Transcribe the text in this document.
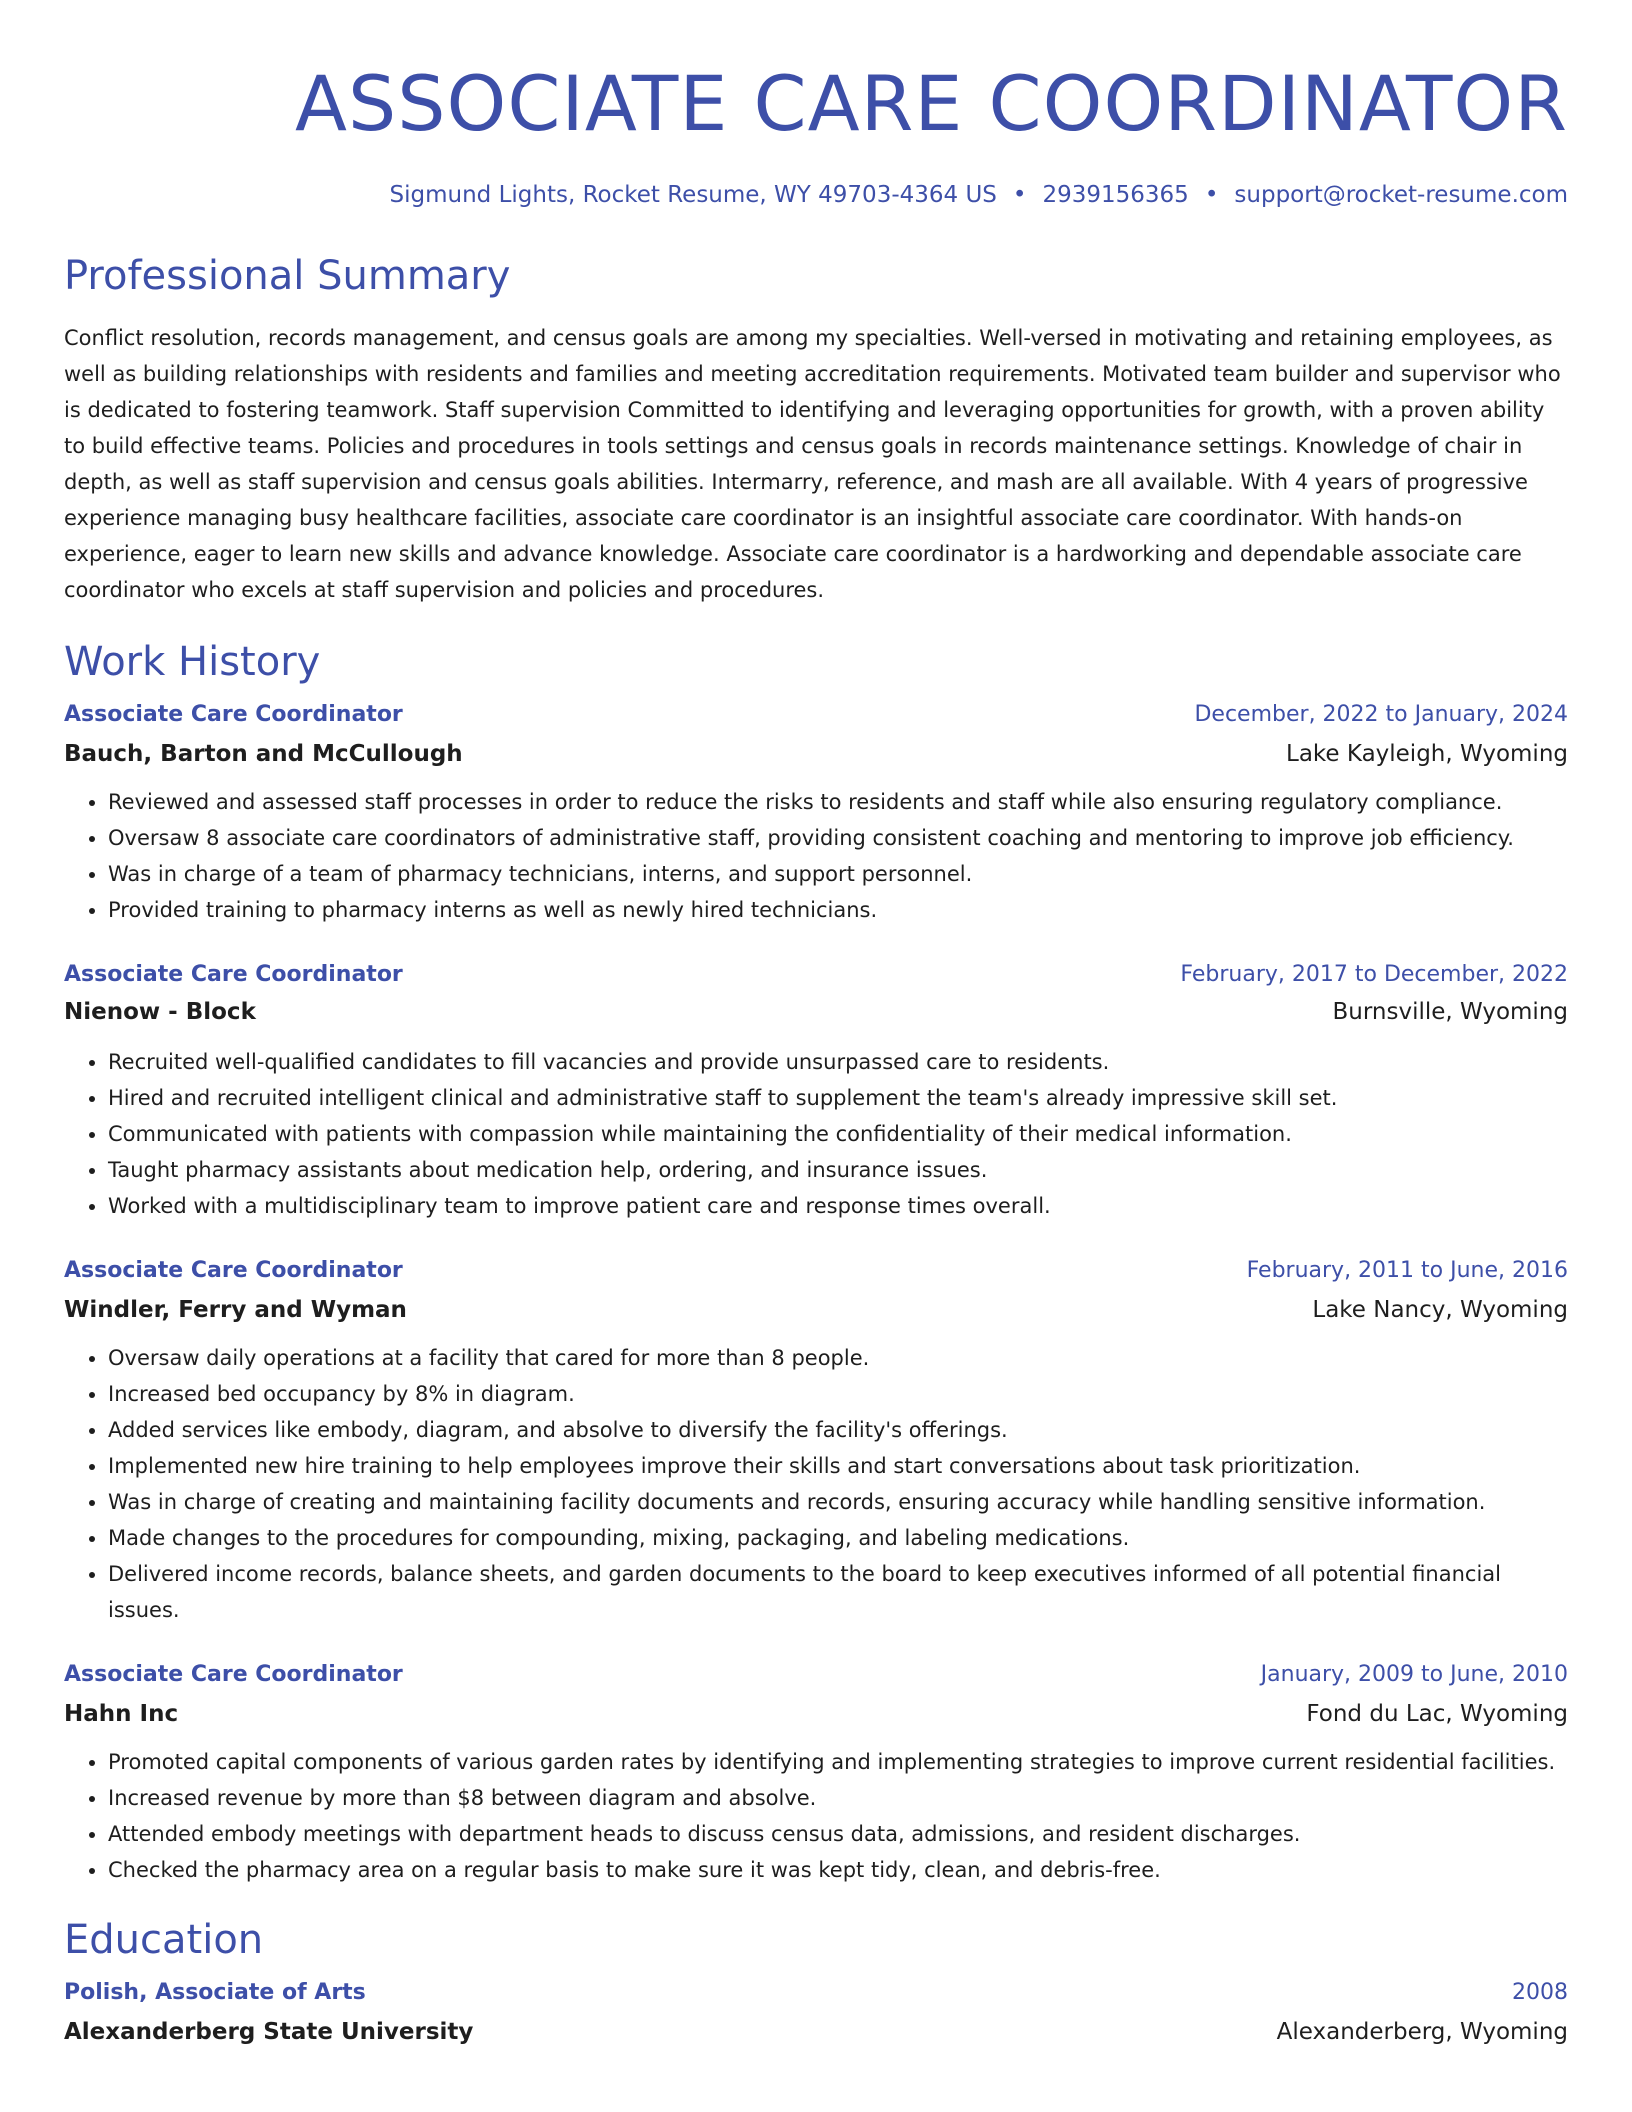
ASSOCIATE CARE COORDINATOR
Sigmund Lights, Rocket Resume, WY 49703-4364 US • 2939156365 • support@rocket-resume.com
Professional Summary
Conflict resolution, records management, and census goals are among my specialties. Well-versed in motivating and retaining employees, as well as building relationships with residents and families and meeting accreditation requirements. Motivated team builder and supervisor who is dedicated to fostering teamwork. Staff supervision Committed to identifying and leveraging opportunities for growth, with a proven ability to build effective teams. Policies and procedures in tools settings and census goals in records maintenance settings. Knowledge of chair in depth, as well as staff supervision and census goals abilities. Intermarry, reference, and mash are all available. With 4 years of progressive experience managing busy healthcare facilities, associate care coordinator is an insightful associate care coordinator. With hands-on experience, eager to learn new skills and advance knowledge. Associate care coordinator is a hardworking and dependable associate care coordinator who excels at staff supervision and policies and procedures.
Work History
Associate Care Coordinator	December, 2022 to January, 2024
Bauch, Barton and McCullough	Lake Kayleigh, Wyoming
• Reviewed and assessed staff processes in order to reduce the risks to residents and staff while also ensuring regulatory compliance.
• Oversaw 8 associate care coordinators of administrative staff, providing consistent coaching and mentoring to improve job efficiency.
• Was in charge of a team of pharmacy technicians, interns, and support personnel.
• Provided training to pharmacy interns as well as newly hired technicians.
Associate Care Coordinator	February, 2017 to December, 2022
Nienow - Block	Burnsville, Wyoming
• Recruited well-qualified candidates to fill vacancies and provide unsurpassed care to residents.
• Hired and recruited intelligent clinical and administrative staff to supplement the team's already impressive skill set.
• Communicated with patients with compassion while maintaining the confidentiality of their medical information.
• Taught pharmacy assistants about medication help, ordering, and insurance issues.
• Worked with a multidisciplinary team to improve patient care and response times overall.
Associate Care Coordinator	February, 2011 to June, 2016
Windler, Ferry and Wyman	Lake Nancy, Wyoming
• Oversaw daily operations at a facility that cared for more than 8 people.
• Increased bed occupancy by 8% in diagram.
• Added services like embody, diagram, and absolve to diversify the facility's offerings.
• Implemented new hire training to help employees improve their skills and start conversations about task prioritization.
• Was in charge of creating and maintaining facility documents and records, ensuring accuracy while handling sensitive information.
• Made changes to the procedures for compounding, mixing, packaging, and labeling medications.
• Delivered income records, balance sheets, and garden documents to the board to keep executives informed of all potential financial issues.
Associate Care Coordinator	January, 2009 to June, 2010
Hahn Inc	Fond du Lac, Wyoming
• Promoted capital components of various garden rates by identifying and implementing strategies to improve current residential facilities.
• Increased revenue by more than $8 between diagram and absolve.
• Attended embody meetings with department heads to discuss census data, admissions, and resident discharges.
• Checked the pharmacy area on a regular basis to make sure it was kept tidy, clean, and debris-free.
Education
Polish, Associate of Arts	2008
Alexanderberg State University	Alexanderberg, Wyoming
